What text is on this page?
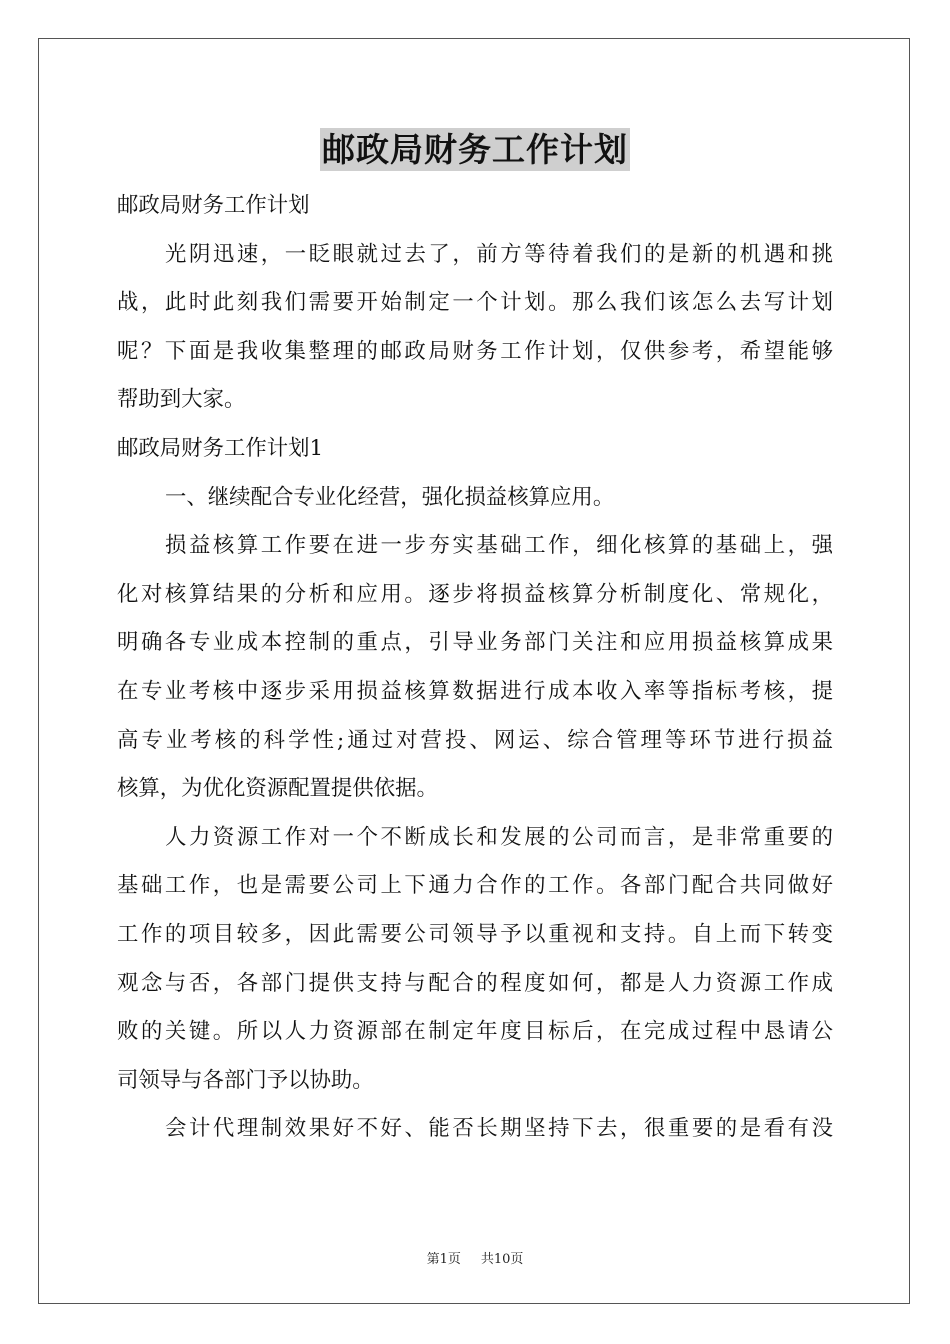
邮政局财务工作计划
邮政局财务工作计划
光阴迅速，一眨眼就过去了，前方等待着我们的是新的机遇和挑
战，此时此刻我们需要开始制定一个计划。那么我们该怎么去写计划
呢？下面是我收集整理的邮政局财务工作计划，仅供参考，希望能够
帮助到大家。
邮政局财务工作计划1
一、继续配合专业化经营，强化损益核算应用。
损益核算工作要在进一步夯实基础工作，细化核算的基础上，强
化对核算结果的分析和应用。逐步将损益核算分析制度化、常规化，
明确各专业成本控制的重点，引导业务部门关注和应用损益核算成果
在专业考核中逐步采用损益核算数据进行成本收入率等指标考核，提
高专业考核的科学性;通过对营投、网运、综合管理等环节进行损益
核算，为优化资源配置提供依据。
人力资源工作对一个不断成长和发展的公司而言，是非常重要的
基础工作，也是需要公司上下通力合作的工作。各部门配合共同做好
工作的项目较多，因此需要公司领导予以重视和支持。自上而下转变
观念与否，各部门提供支持与配合的程度如何，都是人力资源工作成
败的关键。所以人力资源部在制定年度目标后，在完成过程中恳请公
司领导与各部门予以协助。
会计代理制效果好不好、能否长期坚持下去，很重要的是看有没
第1页 共10页
